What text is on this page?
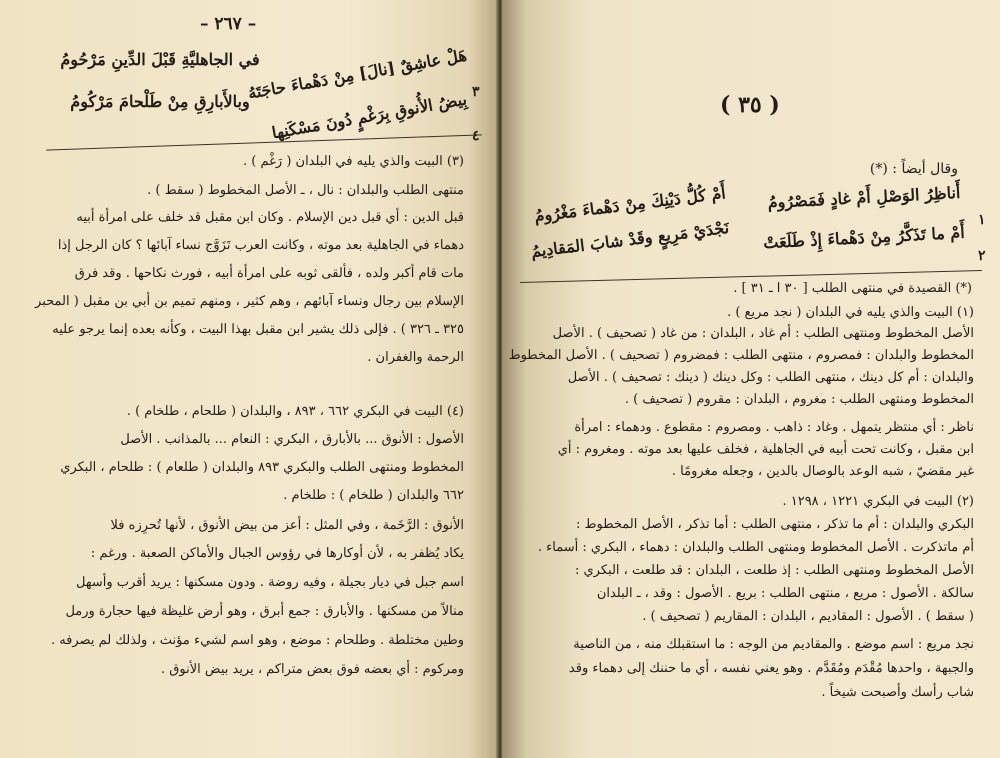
– ٢٦٧ –
٣
هَلْ عاشِقٌ [نالَ] مِنْ دَهْماءَ حاجَتَهُ
في الجاهليَّةِ قَبْلَ الدِّينِ مَرْحُومُ
٤
بِيضُ الأُنوقِ بِرَغْمٍ دُونَ مَسْكَنِها
وبالأَبارِقِ مِنْ طَلْحامَ مَرْكُومُ
(٣) البيت والذي يليه في البلدان ( رَغْم ) .
منتهى الطلب والبلدان : نال ، ـ الأصل المخطوط ( سقط ) .
قبل الدين : أي قبل دين الإسلام . وكان ابن مقبل قد خلف على امرأة أبيه
دهماء في الجاهلية بعد موته ، وكانت العرب تَزَوَّج نساء آبائها ؟ كان الرجل إذا
مات قام أكبر ولده ، فألقى ثوبه على امرأة أبيه ، فورث نكاحها . وقد فرق
الإسلام بين رجال ونساء آبائهم ، وهم كثير ، ومنهم تميم بن أبي بن مقبل ( المحبر
٣٢٥ ـ ٣٢٦ ) . فإلى ذلك يشير ابن مقبل بهذا البيت ، وكأنه بعده إنما يرجو عليه
الرحمة والغفران .
(٤) البيت في البكري ٦٦٢ ، ٨٩٣ ، والبلدان ( طلحام ، طلخام ) .
الأصول : الأنوق ... بالأبارق ، البكري : النعام ... بالمذانب . الأصل
المخطوط ومنتهى الطلب والبكري ٨٩٣ والبلدان ( طلعام ) : طلحام ، البكري
٦٦٢ والبلدان ( طلخام ) : طلخام .
الأنوق : الرَّخَمة ، وفي المثل : أعز من بيض الأنوق ، لأنها تُحرِزه فلا
يكاد يُظفر به ، لأن أوكارها في رؤوس الجبال والأماكن الصعبة . ورغم :
اسم جبل في ديار بجيلة ، وفيه روضة . ودون مسكنها : يريد أقرب وأسهل
منالاً من مسكنها . والأبارق : جمع أبرق ، وهو أرض غليظة فيها حجارة ورمل
وطين مختلطة . وطلحام : موضع ، وهو اسم لشيء مؤنث ، ولذلك لم يصرفه .
ومركوم : أي بعضه فوق بعض متراكم ، يريد بيض الأنوق .
( ٣٥ )
وقال أيضاً : (*)
١
أَناظِرُ الوَصْلِ أَمْ غادٍ فَمَصْرُومُ
أَمْ كُلُّ دَيْنِكَ مِنْ دَهْماءَ مَغْرُومُ
٢
أَمْ ما تَذَكَّرُ مِنْ دَهْماءَ إِذْ طَلَعَتْ
نَجْدَيْ مَرِيعٍ وقَدْ شابَ المَقادِيمُ
(*) القصيدة في منتهى الطلب [ ٣٠ ا ـ ٣١ ] .
(١) البيت والذي يليه في البلدان ( نجد مريع ) .
الأصل المخطوط ومنتهى الطلب : أم غاد ، البلدان : من غاد ( تصحيف ) . الأصل
المخطوط والبلدان : فمصروم ، منتهى الطلب : فمضروم ( تصحيف ) . الأصل المخطوط
والبلدان : أم كل دينك ، منتهى الطلب : وكل دينك ( دينك : تصحيف ) . الأصل
المخطوط ومنتهى الطلب : مغروم ، البلدان : مقروم ( تصحيف ) .
ناظر : أي منتظر يتمهل . وغاد : ذاهب . ومصروم : مقطوع . ودهماء : امرأة
ابن مقبل ، وكانت تحت أبيه في الجاهلية ، فخلف عليها بعد موته . ومغروم : أي
غير مقضيّ ، شبه الوعد بالوصال بالدين ، وجعله مغرومًا .
(٢) البيت في البكري ١٢٢١ ، ١٢٩٨ .
البكري والبلدان : أم ما تذكر ، منتهى الطلب : أما تذكر ، الأصل المخطوط :
أم ماتذكرت . الأصل المخطوط ومنتهى الطلب والبلدان : دهماء ، البكري : أسماء .
الأصل المخطوط ومنتهى الطلب : إذ طلعت ، البلدان : قد طلعت ، البكري :
سالكة . الأصول : مريع ، منتهى الطلب : بريع . الأصول : وقد ، ـ البلدان
( سقط ) . الأصول : المقاديم ، البلدان : المقاريم ( تصحيف ) .
نجد مريع : اسم موضع . والمقاديم من الوجه : ما استقبلك منه ، من الناصية
والجبهة ، واحدها مُقْدَم ومُقَدَّم . وهو يعني نفسه ، أي ما حننك إلى دهماء وقد
شاب رأسك وأصبحت شيخاً .
